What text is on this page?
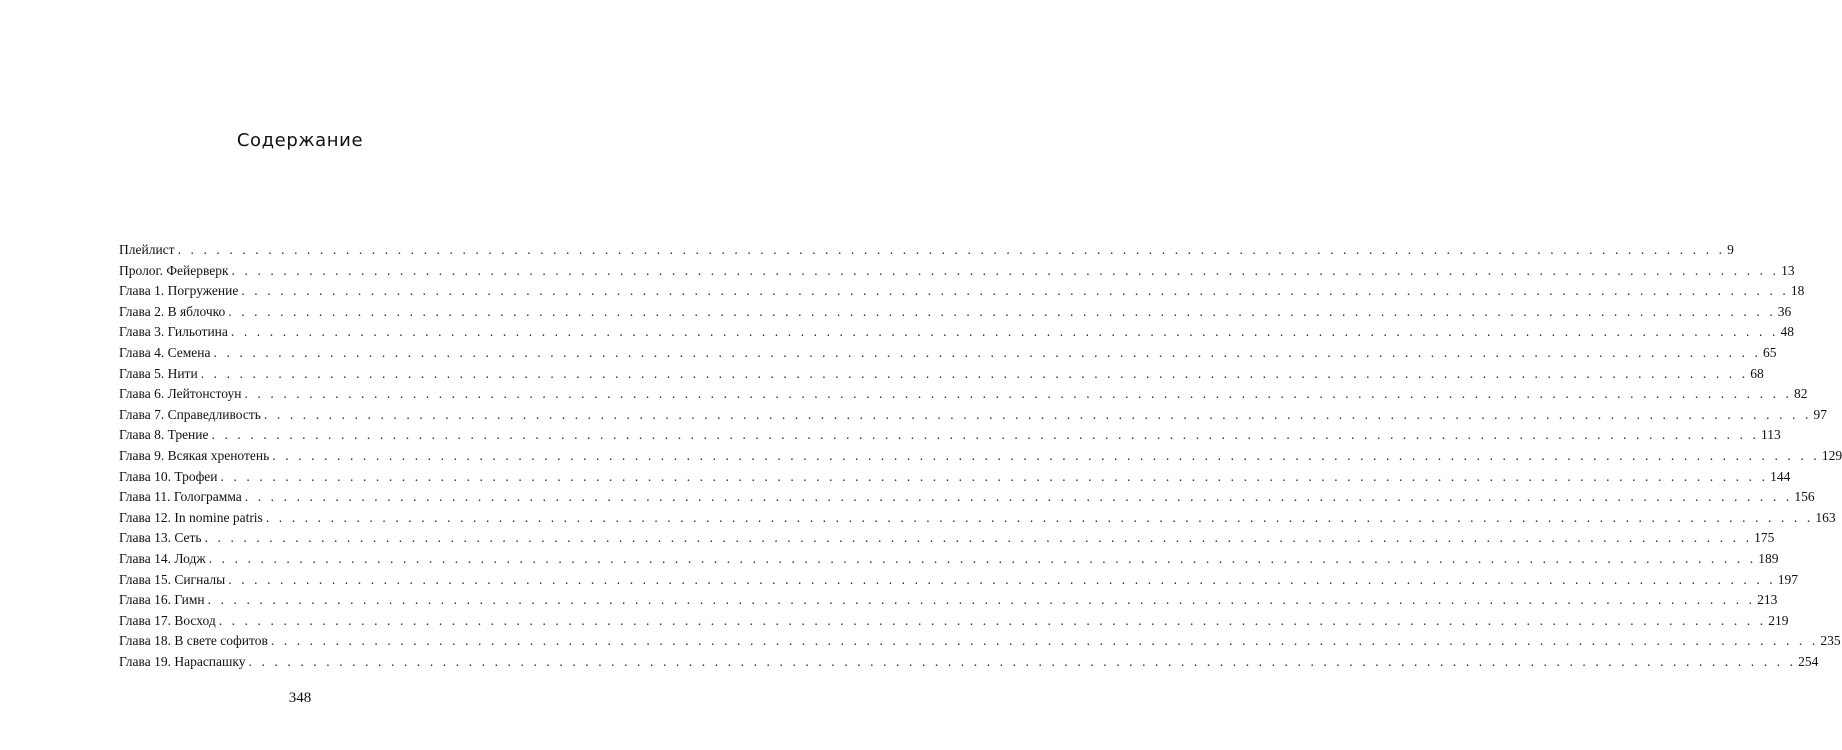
Содержание
Плейлист . . . . . . . . . . . . . . . . . . . . . . . . . . . . . . . . . . . . . . . . . . . . . . . . . . . . . . . . . . . . . . . . . . . . . . . . . . . . . . . . . . . . . . . . . . . . . . . . . . . . . . . . . . . . . . . . . . . . . . . . 9
Пролог. Фейерверк . . . . . . . . . . . . . . . . . . . . . . . . . . . . . . . . . . . . . . . . . . . . . . . . . . . . . . . . . . . . . . . . . . . . . . . . . . . . . . . . . . . . . . . . . . . . . . . . . . . . . . . . . . . . . . . . . . . . . . . . 13
Глава 1. Погружение . . . . . . . . . . . . . . . . . . . . . . . . . . . . . . . . . . . . . . . . . . . . . . . . . . . . . . . . . . . . . . . . . . . . . . . . . . . . . . . . . . . . . . . . . . . . . . . . . . . . . . . . . . . . . . . . . . . . . . . . 18
Глава 2. В яблочко . . . . . . . . . . . . . . . . . . . . . . . . . . . . . . . . . . . . . . . . . . . . . . . . . . . . . . . . . . . . . . . . . . . . . . . . . . . . . . . . . . . . . . . . . . . . . . . . . . . . . . . . . . . . . . . . . . . . . . . . 36
Глава 3. Гильотина . . . . . . . . . . . . . . . . . . . . . . . . . . . . . . . . . . . . . . . . . . . . . . . . . . . . . . . . . . . . . . . . . . . . . . . . . . . . . . . . . . . . . . . . . . . . . . . . . . . . . . . . . . . . . . . . . . . . . . . . 48
Глава 4. Семена . . . . . . . . . . . . . . . . . . . . . . . . . . . . . . . . . . . . . . . . . . . . . . . . . . . . . . . . . . . . . . . . . . . . . . . . . . . . . . . . . . . . . . . . . . . . . . . . . . . . . . . . . . . . . . . . . . . . . . . . 65
Глава 5. Нити . . . . . . . . . . . . . . . . . . . . . . . . . . . . . . . . . . . . . . . . . . . . . . . . . . . . . . . . . . . . . . . . . . . . . . . . . . . . . . . . . . . . . . . . . . . . . . . . . . . . . . . . . . . . . . . . . . . . . . . . 68
Глава 6. Лейтонстоун . . . . . . . . . . . . . . . . . . . . . . . . . . . . . . . . . . . . . . . . . . . . . . . . . . . . . . . . . . . . . . . . . . . . . . . . . . . . . . . . . . . . . . . . . . . . . . . . . . . . . . . . . . . . . . . . . . . . . . . . 82
Глава 7. Справедливость . . . . . . . . . . . . . . . . . . . . . . . . . . . . . . . . . . . . . . . . . . . . . . . . . . . . . . . . . . . . . . . . . . . . . . . . . . . . . . . . . . . . . . . . . . . . . . . . . . . . . . . . . . . . . . . . . . . . . . . . 97
Глава 8. Трение . . . . . . . . . . . . . . . . . . . . . . . . . . . . . . . . . . . . . . . . . . . . . . . . . . . . . . . . . . . . . . . . . . . . . . . . . . . . . . . . . . . . . . . . . . . . . . . . . . . . . . . . . . . . . . . . . . . . . . . . 113
Глава 9. Всякая хренотень . . . . . . . . . . . . . . . . . . . . . . . . . . . . . . . . . . . . . . . . . . . . . . . . . . . . . . . . . . . . . . . . . . . . . . . . . . . . . . . . . . . . . . . . . . . . . . . . . . . . . . . . . . . . . . . . . . . . . . . . 129
Глава 10. Трофеи . . . . . . . . . . . . . . . . . . . . . . . . . . . . . . . . . . . . . . . . . . . . . . . . . . . . . . . . . . . . . . . . . . . . . . . . . . . . . . . . . . . . . . . . . . . . . . . . . . . . . . . . . . . . . . . . . . . . . . . . 144
Глава 11. Голограмма . . . . . . . . . . . . . . . . . . . . . . . . . . . . . . . . . . . . . . . . . . . . . . . . . . . . . . . . . . . . . . . . . . . . . . . . . . . . . . . . . . . . . . . . . . . . . . . . . . . . . . . . . . . . . . . . . . . . . . . . 156
Глава 12. In nomine patris . . . . . . . . . . . . . . . . . . . . . . . . . . . . . . . . . . . . . . . . . . . . . . . . . . . . . . . . . . . . . . . . . . . . . . . . . . . . . . . . . . . . . . . . . . . . . . . . . . . . . . . . . . . . . . . . . . . . . . . . 163
Глава 13. Сеть . . . . . . . . . . . . . . . . . . . . . . . . . . . . . . . . . . . . . . . . . . . . . . . . . . . . . . . . . . . . . . . . . . . . . . . . . . . . . . . . . . . . . . . . . . . . . . . . . . . . . . . . . . . . . . . . . . . . . . . . 175
Глава 14. Лодж . . . . . . . . . . . . . . . . . . . . . . . . . . . . . . . . . . . . . . . . . . . . . . . . . . . . . . . . . . . . . . . . . . . . . . . . . . . . . . . . . . . . . . . . . . . . . . . . . . . . . . . . . . . . . . . . . . . . . . . . 189
Глава 15. Сигналы . . . . . . . . . . . . . . . . . . . . . . . . . . . . . . . . . . . . . . . . . . . . . . . . . . . . . . . . . . . . . . . . . . . . . . . . . . . . . . . . . . . . . . . . . . . . . . . . . . . . . . . . . . . . . . . . . . . . . . . . 197
Глава 16. Гимн . . . . . . . . . . . . . . . . . . . . . . . . . . . . . . . . . . . . . . . . . . . . . . . . . . . . . . . . . . . . . . . . . . . . . . . . . . . . . . . . . . . . . . . . . . . . . . . . . . . . . . . . . . . . . . . . . . . . . . . . 213
Глава 17. Восход . . . . . . . . . . . . . . . . . . . . . . . . . . . . . . . . . . . . . . . . . . . . . . . . . . . . . . . . . . . . . . . . . . . . . . . . . . . . . . . . . . . . . . . . . . . . . . . . . . . . . . . . . . . . . . . . . . . . . . . . 219
Глава 18. В свете софитов . . . . . . . . . . . . . . . . . . . . . . . . . . . . . . . . . . . . . . . . . . . . . . . . . . . . . . . . . . . . . . . . . . . . . . . . . . . . . . . . . . . . . . . . . . . . . . . . . . . . . . . . . . . . . . . . . . . . . . . . 235
Глава 19. Нараспашку . . . . . . . . . . . . . . . . . . . . . . . . . . . . . . . . . . . . . . . . . . . . . . . . . . . . . . . . . . . . . . . . . . . . . . . . . . . . . . . . . . . . . . . . . . . . . . . . . . . . . . . . . . . . . . . . . . . . . . . . 254
348
